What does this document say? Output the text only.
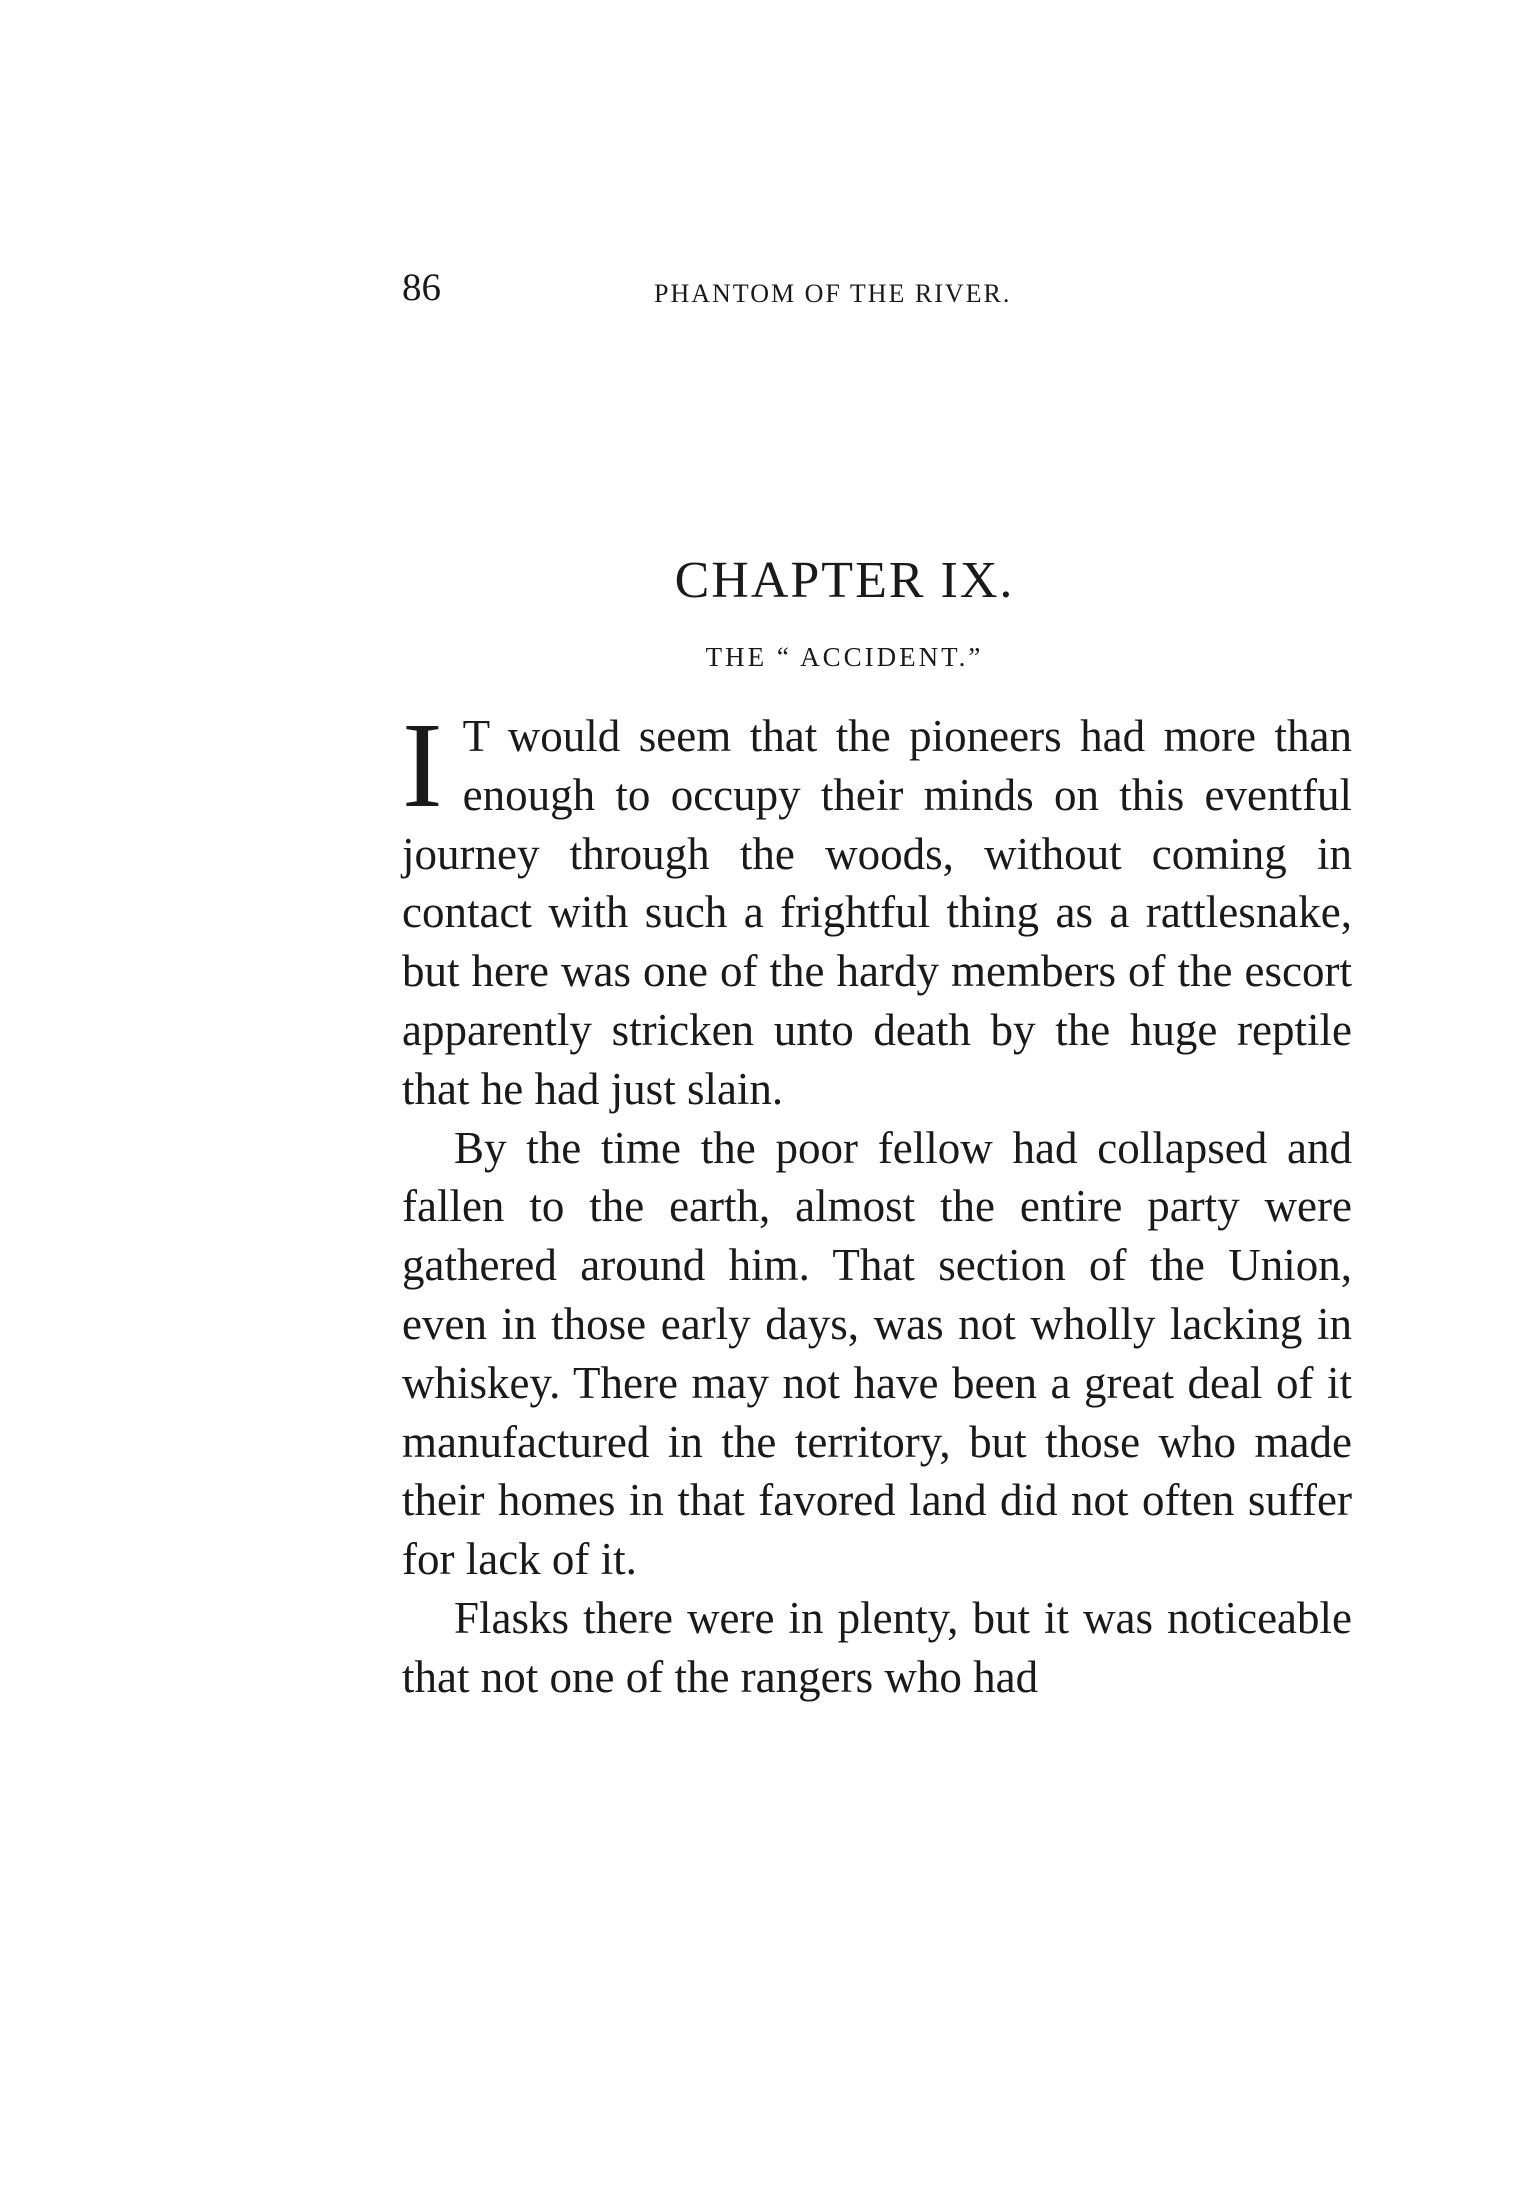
86	PHANTOM OF THE RIVER.
CHAPTER IX.
THE “ ACCIDENT.”

I T would seem that the pioneers had more than enough to occupy their minds on this eventful journey through the woods, without coming in contact with such a frightful thing as a rattlesnake, but here was one of the hardy members of the escort apparently stricken unto death by the huge reptile that he had just slain.

By the time the poor fellow had collapsed and fallen to the earth, almost the entire party were gathered around him. That section of the Union, even in those early days, was not wholly lacking in whiskey. There may not have been a great deal of it manufactured in the territory, but those who made their homes in that favored land did not often suffer for lack of it.

Flasks there were in plenty, but it was noticeable that not one of the rangers who had
